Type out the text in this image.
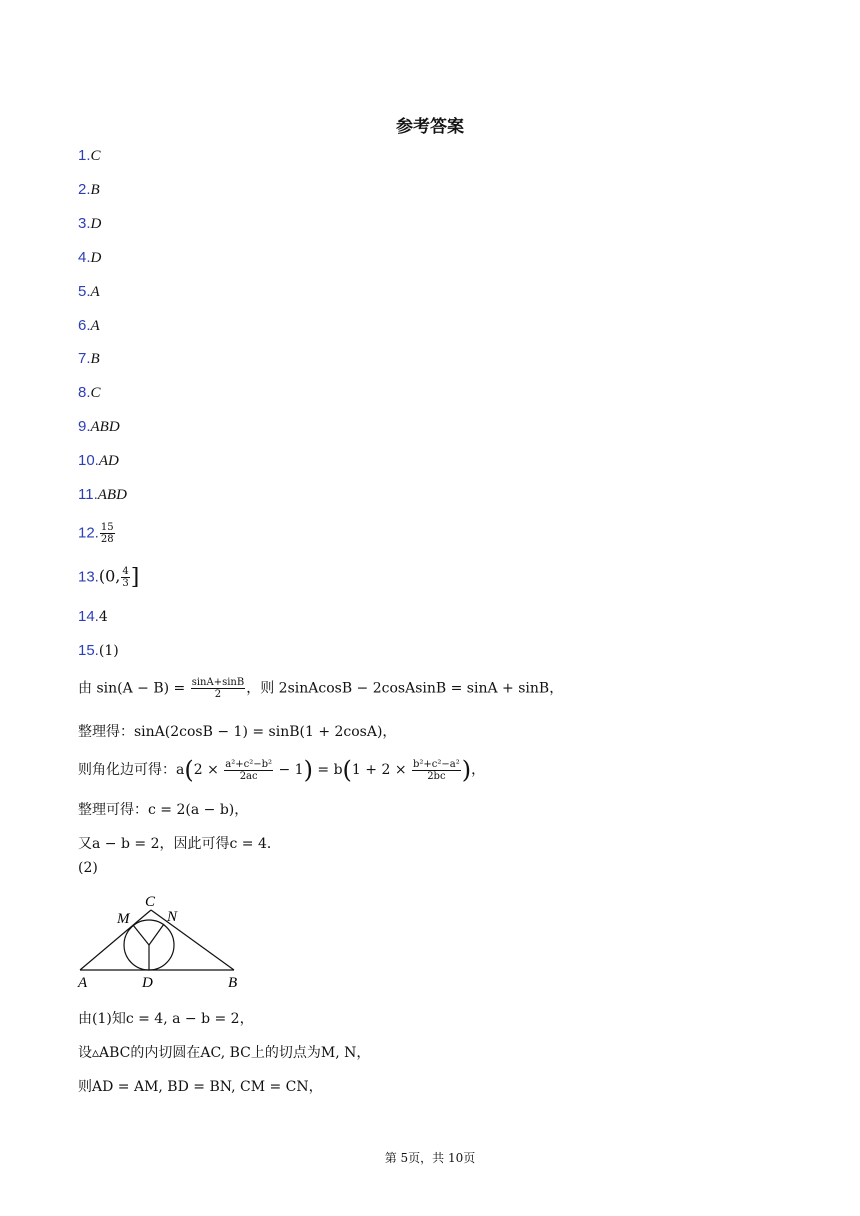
参考答案
1.C
2.B
3.D
4.D
5.A
6.A
7.B
8.C
9.ABD
10.AD
11.ABD
12. $\frac{15}{28}$
13.(0, $\frac{4}{3}$ ]
14.4
15.(1)
由 $\sin(A - B) = \frac{\sin A+\sin B}{2}$ ，则 2sinAcosB − 2cosAsinB = sinA + sinB，
整理得：sinA(2cosB − 1) = sinB(1 + 2cosA)，
则角化边可得：$a(2 \times \frac{\text{a²+c²−b²}}{2ac} - 1) = b(1 + 2 \times \frac{\text{b²+c²−a²}}{2bc}$ )，
整理可得：c = 2(a − b)，
又a − b = 2，因此可得c = 4．
(2)
C
M	N
A	D	B
由(1)知c = 4, a − b = 2，
设▵ABC的内切圆在AC, BC上的切点为M, N，
则AD = AM, BD = BN, CM = CN，
第 5页，共 10页
